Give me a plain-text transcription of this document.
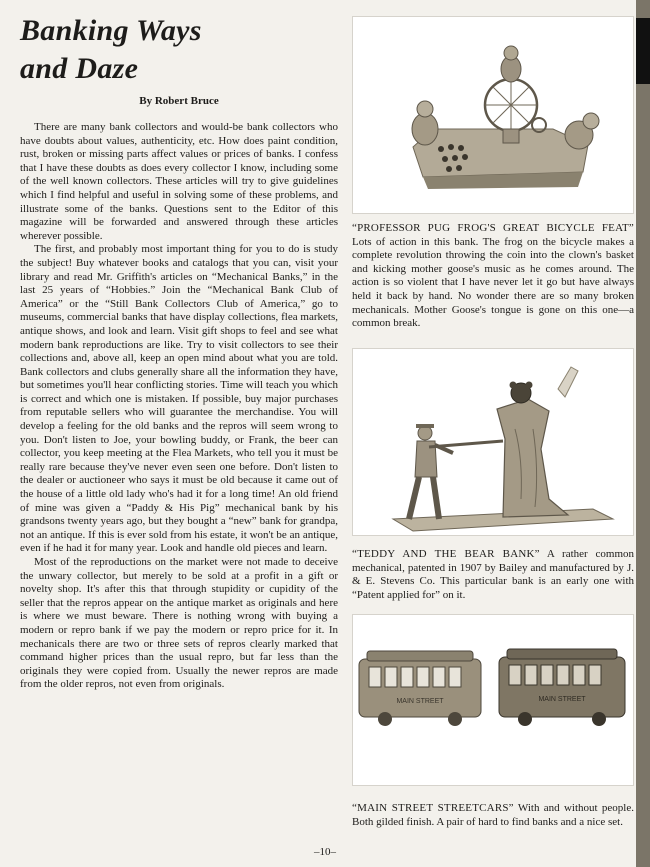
Banking Ways
and Daze
By Robert Bruce

There are many bank collectors and would-be bank collectors who have doubts about values, authenticity, etc. How does paint condition, rust, broken or missing parts affect values or prices of banks. I confess that I have these doubts as does every collector I know, including some of the well known collectors. These articles will try to give guidelines which I find helpful and useful in solving some of these problems, and illustrate some of the banks. Questions sent to the Editor of this magazine will be forwarded and answered through these articles wherever possible.

The first, and probably most important thing for you to do is study the subject! Buy whatever books and catalogs that you can, visit your library and read Mr. Griffith's articles on “Mechanical Banks,” in the last 25 years of “Hobbies.” Join the “Mechanical Bank Club of America” or the “Still Bank Collectors Club of America,” go to museums, commercial banks that have display collections, flea markets, antique shows, and look and learn. Visit gift shops to feel and see what modern bank reproductions are like. Try to visit collectors to see their collections and, above all, keep an open mind about what you are told. Bank collectors and clubs generally share all the information they have, but sometimes you'll hear conflicting stories. Time will teach you which is correct and which one is mistaken. If possible, buy major purchases from reputable sellers who will guarantee the merchandise. You will develop a feeling for the old banks and the repros will seem wrong to you. Don't listen to Joe, your bowling buddy, or Frank, the beer can collector, you keep meeting at the Flea Markets, who tell you it must be really rare because they've never even seen one before. Don't listen to the dealer or auctioneer who says it must be old because it came out of the house of a little old lady who's had it for a long time! An old friend of mine was given a “Paddy & His Pig” mechanical bank by his grandsons twenty years ago, but they bought a “new” bank for grandpa, not an antique. If this is ever sold from his estate, it won't be an antique, even if he had it for many year. Look and handle old pieces and learn.

Most of the reproductions on the market were not made to deceive the unwary collector, but merely to be sold at a profit in a gift or novelty shop. It's after this that through stupidity or cupidity of the seller that the repros appear on the antique market as originals and here is where we must beware. There is nothing wrong with buying a modern or repro bank if we pay the modern or repro price for it. In mechanicals there are two or three sets of repros clearly marked that command higher prices than the usual repro, but far less than the originals they were copied from. Usually the newer repros are made from the older repros, not even from originals.

“PROFESSOR PUG FROG'S GREAT BICYCLE FEAT” Lots of action in this bank. The frog on the bicycle makes a complete revolution throwing the coin into the clown's basket and kicking mother goose's music as he comes around. The action is so violent that I have never let it go but have always held it back by hand. No wonder there are so many broken mechanicals. Mother Goose's tongue is gone on this one—a common break.

“TEDDY AND THE BEAR BANK” A rather common mechanical, patented in 1907 by Bailey and manufactured by J. & E. Stevens Co. This particular bank is an early one with “Patent applied for” on it.

MAIN STREET	MAIN STREET

“MAIN STREET STREETCARS” With and without people. Both gilded finish. A pair of hard to find banks and a nice set.

–10–
